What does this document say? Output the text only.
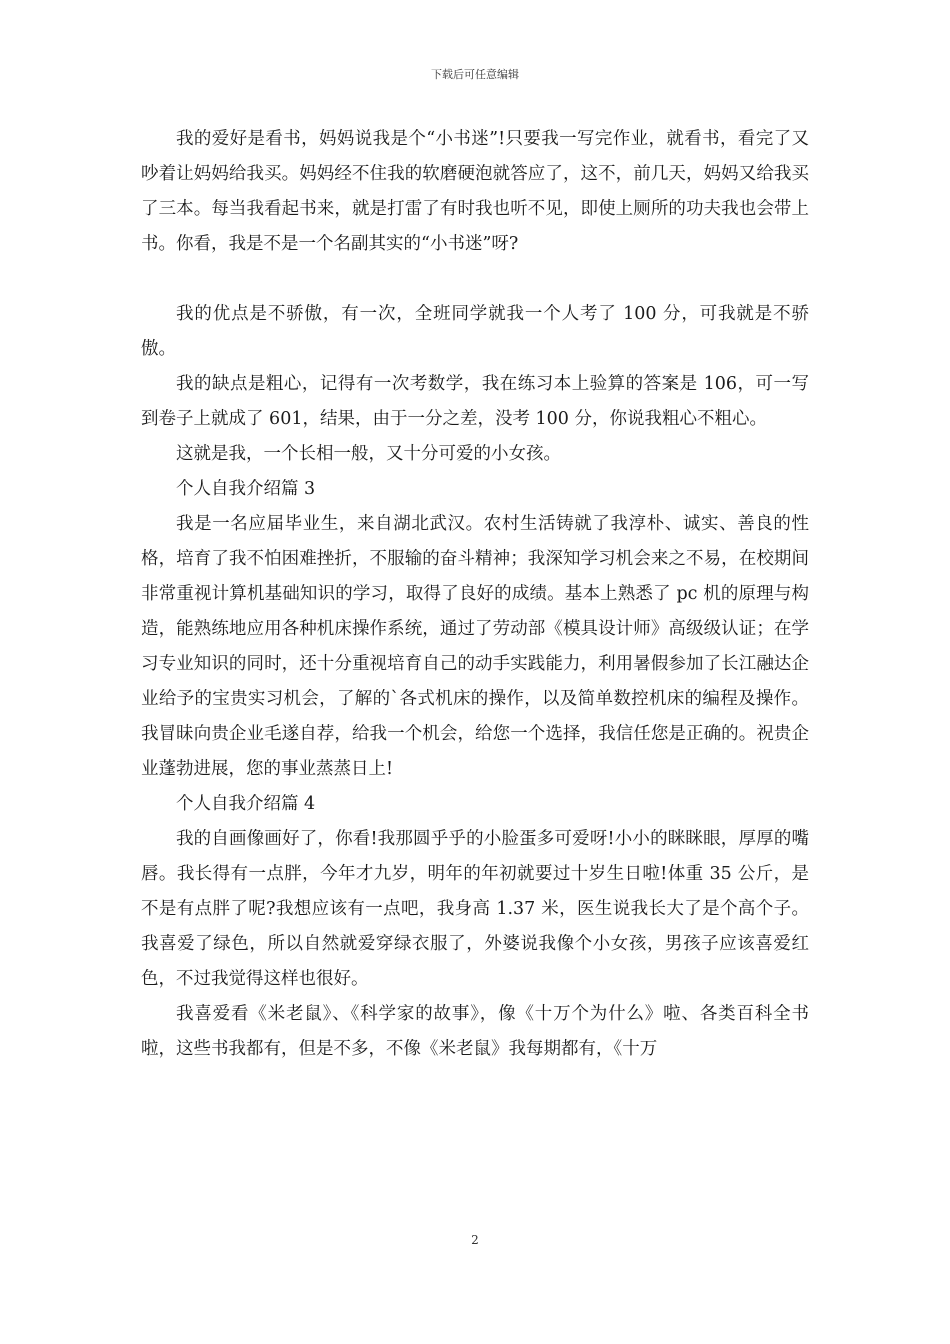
下载后可任意编辑

我的爱好是看书，妈妈说我是个“小书迷”!只要我一写完作业，就看书，看完了又吵着让妈妈给我买。妈妈经不住我的软磨硬泡就答应了，这不，前几天，妈妈又给我买了三本。每当我看起书来，就是打雷了有时我也听不见，即使上厕所的功夫我也会带上书。你看，我是不是一个名副其实的“小书迷”呀?

我的优点是不骄傲，有一次，全班同学就我一个人考了 100 分，可我就是不骄傲。

我的缺点是粗心，记得有一次考数学，我在练习本上验算的答案是 106，可一写到卷子上就成了 601，结果，由于一分之差，没考 100 分，你说我粗心不粗心。

这就是我，一个长相一般，又十分可爱的小女孩。

个人自我介绍篇 3

我是一名应届毕业生，来自湖北武汉。农村生活铸就了我淳朴、诚实、善良的性格，培育了我不怕困难挫折，不服输的奋斗精神；我深知学习机会来之不易，在校期间非常重视计算机基础知识的学习，取得了良好的成绩。基本上熟悉了 pc 机的原理与构造，能熟练地应用各种机床操作系统，通过了劳动部《模具设计师》高级级认证；在学习专业知识的同时，还十分重视培育自己的动手实践能力，利用暑假参加了长江融达企业给予的宝贵实习机会，了解的`各式机床的操作，以及简单数控机床的编程及操作。我冒昧向贵企业毛遂自荐，给我一个机会，给您一个选择，我信任您是正确的。祝贵企业蓬勃进展，您的事业蒸蒸日上!

个人自我介绍篇 4

我的自画像画好了，你看!我那圆乎乎的小脸蛋多可爱呀!小小的眯眯眼，厚厚的嘴唇。我长得有一点胖，今年才九岁，明年的年初就要过十岁生日啦!体重 35 公斤，是不是有点胖了呢?我想应该有一点吧，我身高 1.37 米，医生说我长大了是个高个子。我喜爱了绿色，所以自然就爱穿绿衣服了，外婆说我像个小女孩，男孩子应该喜爱红色，不过我觉得这样也很好。

我喜爱看《米老鼠》、《科学家的故事》，像《十万个为什么》啦、各类百科全书啦，这些书我都有，但是不多，不像《米老鼠》我每期都有，《十万

2
